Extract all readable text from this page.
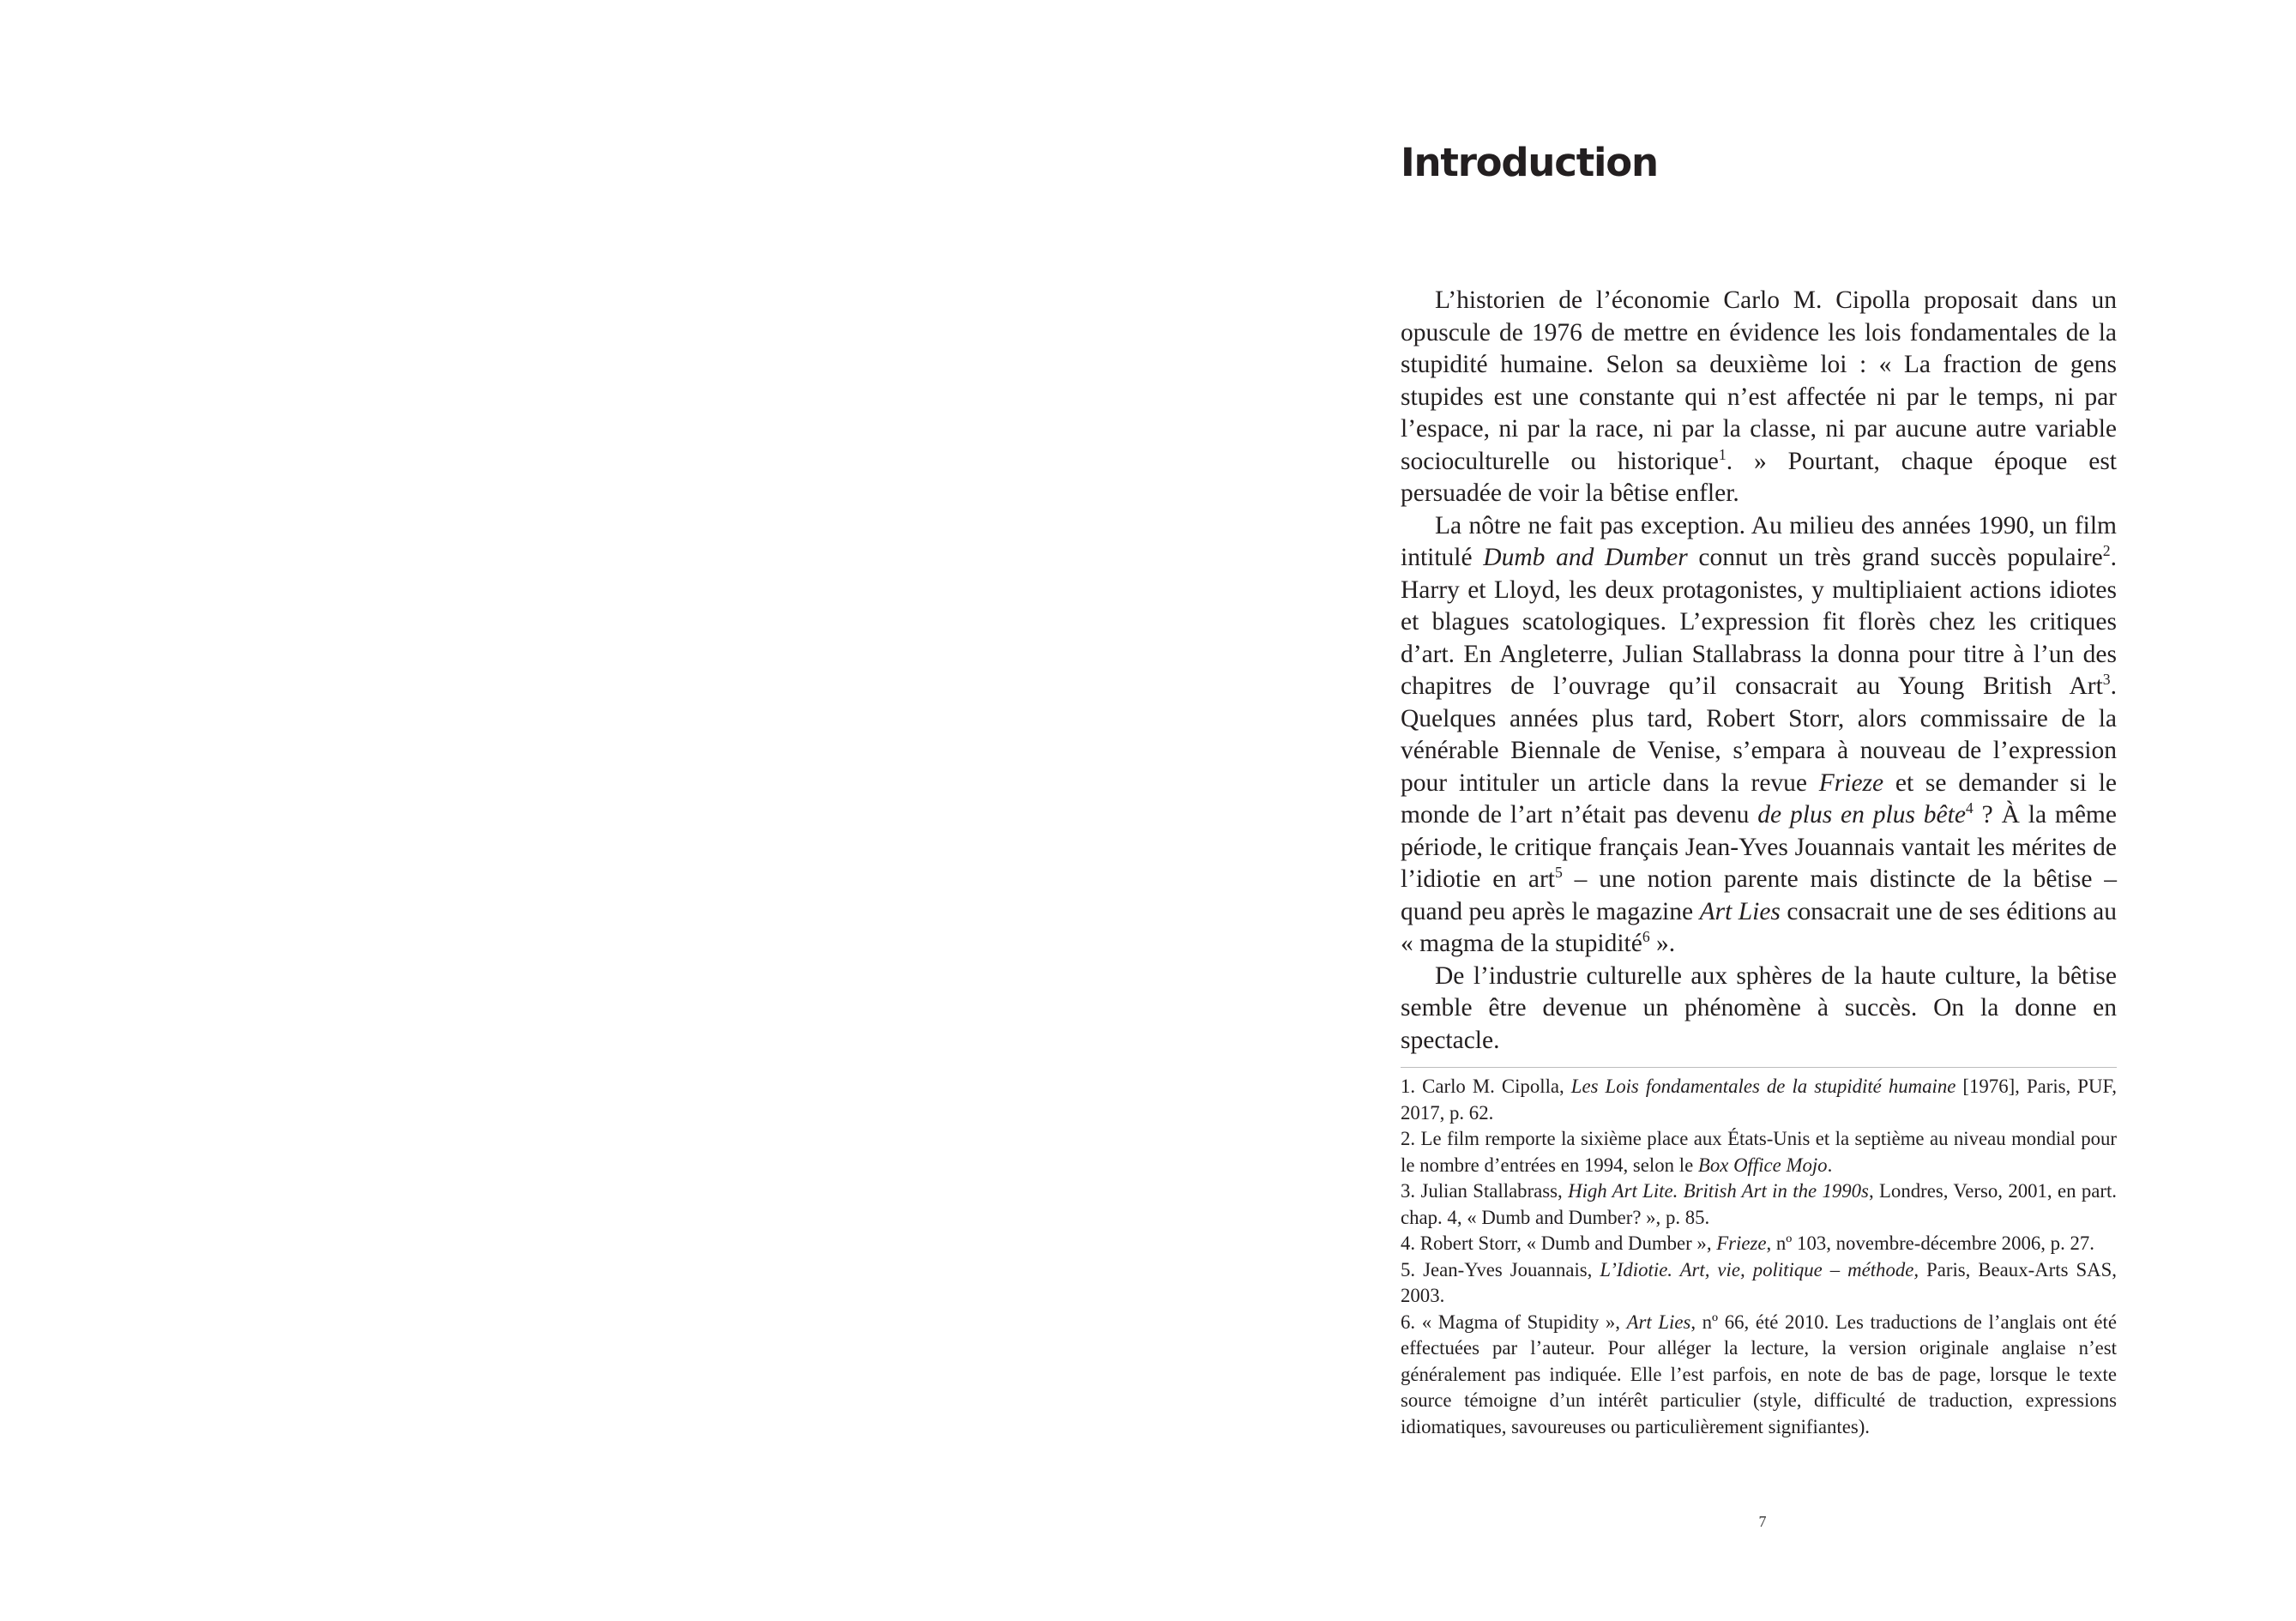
Introduction

L’historien de l’économie Carlo M. Cipolla proposait dans un opuscule de 1976 de mettre en évidence les lois fondamentales de la stupidité humaine. Selon sa deuxième loi : « La fraction de gens stupides est une constante qui n’est affectée ni par le temps, ni par l’espace, ni par la race, ni par la classe, ni par aucune autre variable socioculturelle ou historique$^1$. » Pourtant, chaque époque est persuadée de voir la bêtise enfler.

La nôtre ne fait pas exception. Au milieu des années 1990, un film intitulé Dumb and Dumber connut un très grand succès populaire$^2$. Harry et Lloyd, les deux protagonistes, y multipliaient actions idiotes et blagues scatologiques. L’expression fit florès chez les critiques d’art. En Angleterre, Julian Stallabrass la donna pour titre à l’un des chapitres de l’ouvrage qu’il consacrait au Young British Art$^3$. Quelques années plus tard, Robert Storr, alors commissaire de la vénérable Biennale de Venise, s’empara à nouveau de l’expression pour intituler un article dans la revue Frieze et se demander si le monde de l’art n’était pas devenu de plus en plus bête$^4$ ? À la même période, le critique français Jean-Yves Jouannais vantait les mérites de l’idiotie en art$^5$ – une notion parente mais distincte de la bêtise – quand peu après le magazine Art Lies consacrait une de ses éditions au « magma de la stupidité$^6$ ».

De l’industrie culturelle aux sphères de la haute culture, la bêtise semble être devenue un phénomène à succès. On la donne en spectacle.

1. Carlo M. Cipolla, Les Lois fondamentales de la stupidité humaine [1976], Paris, PUF, 2017, p. 62.

2. Le film remporte la sixième place aux États-Unis et la septième au niveau mondial pour le nombre d’entrées en 1994, selon le Box Office Mojo.

3. Julian Stallabrass, High Art Lite. British Art in the 1990s, Londres, Verso, 2001, en part. chap. 4, « Dumb and Dumber? », p. 85.

4. Robert Storr, « Dumb and Dumber », Frieze, nº 103, novembre-décembre 2006, p. 27.

5. Jean-Yves Jouannais, L’Idiotie. Art, vie, politique – méthode, Paris, Beaux-Arts SAS, 2003.

6. « Magma of Stupidity », Art Lies, nº 66, été 2010. Les traductions de l’anglais ont été effectuées par l’auteur. Pour alléger la lecture, la version originale anglaise n’est généralement pas indiquée. Elle l’est parfois, en note de bas de page, lorsque le texte source témoigne d’un intérêt particulier (style, difficulté de traduction, expressions idiomatiques, savoureuses ou particulièrement signifiantes).

7
